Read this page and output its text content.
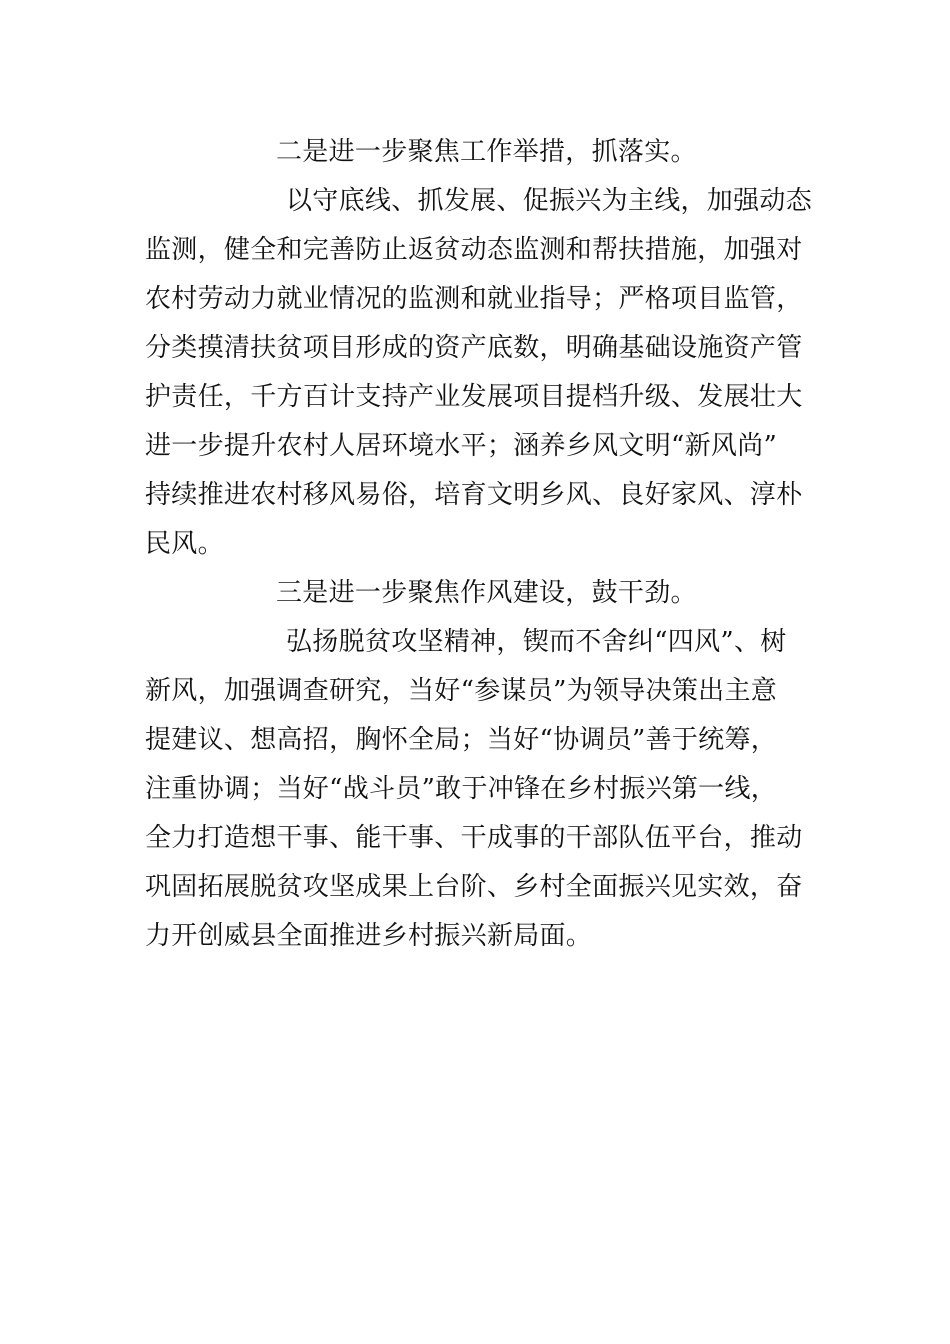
二是进一步聚焦工作举措，抓落实。
以守底线、抓发展、促振兴为主线，加强动态
监测，健全和完善防止返贫动态监测和帮扶措施，加强对
农村劳动力就业情况的监测和就业指导；严格项目监管，
分类摸清扶贫项目形成的资产底数，明确基础设施资产管
护责任，千方百计支持产业发展项目提档升级、发展壮大
进一步提升农村人居环境水平；涵养乡风文明“新风尚”
持续推进农村移风易俗，培育文明乡风、良好家风、淳朴
民风。
三是进一步聚焦作风建设，鼓干劲。
弘扬脱贫攻坚精神，锲而不舍纠“四风”、树
新风，加强调查研究，当好“参谋员”为领导决策出主意
提建议、想高招，胸怀全局；当好“协调员”善于统筹，
注重协调；当好“战斗员”敢于冲锋在乡村振兴第一线，
全力打造想干事、能干事、干成事的干部队伍平台，推动
巩固拓展脱贫攻坚成果上台阶、乡村全面振兴见实效，奋
力开创威县全面推进乡村振兴新局面。
